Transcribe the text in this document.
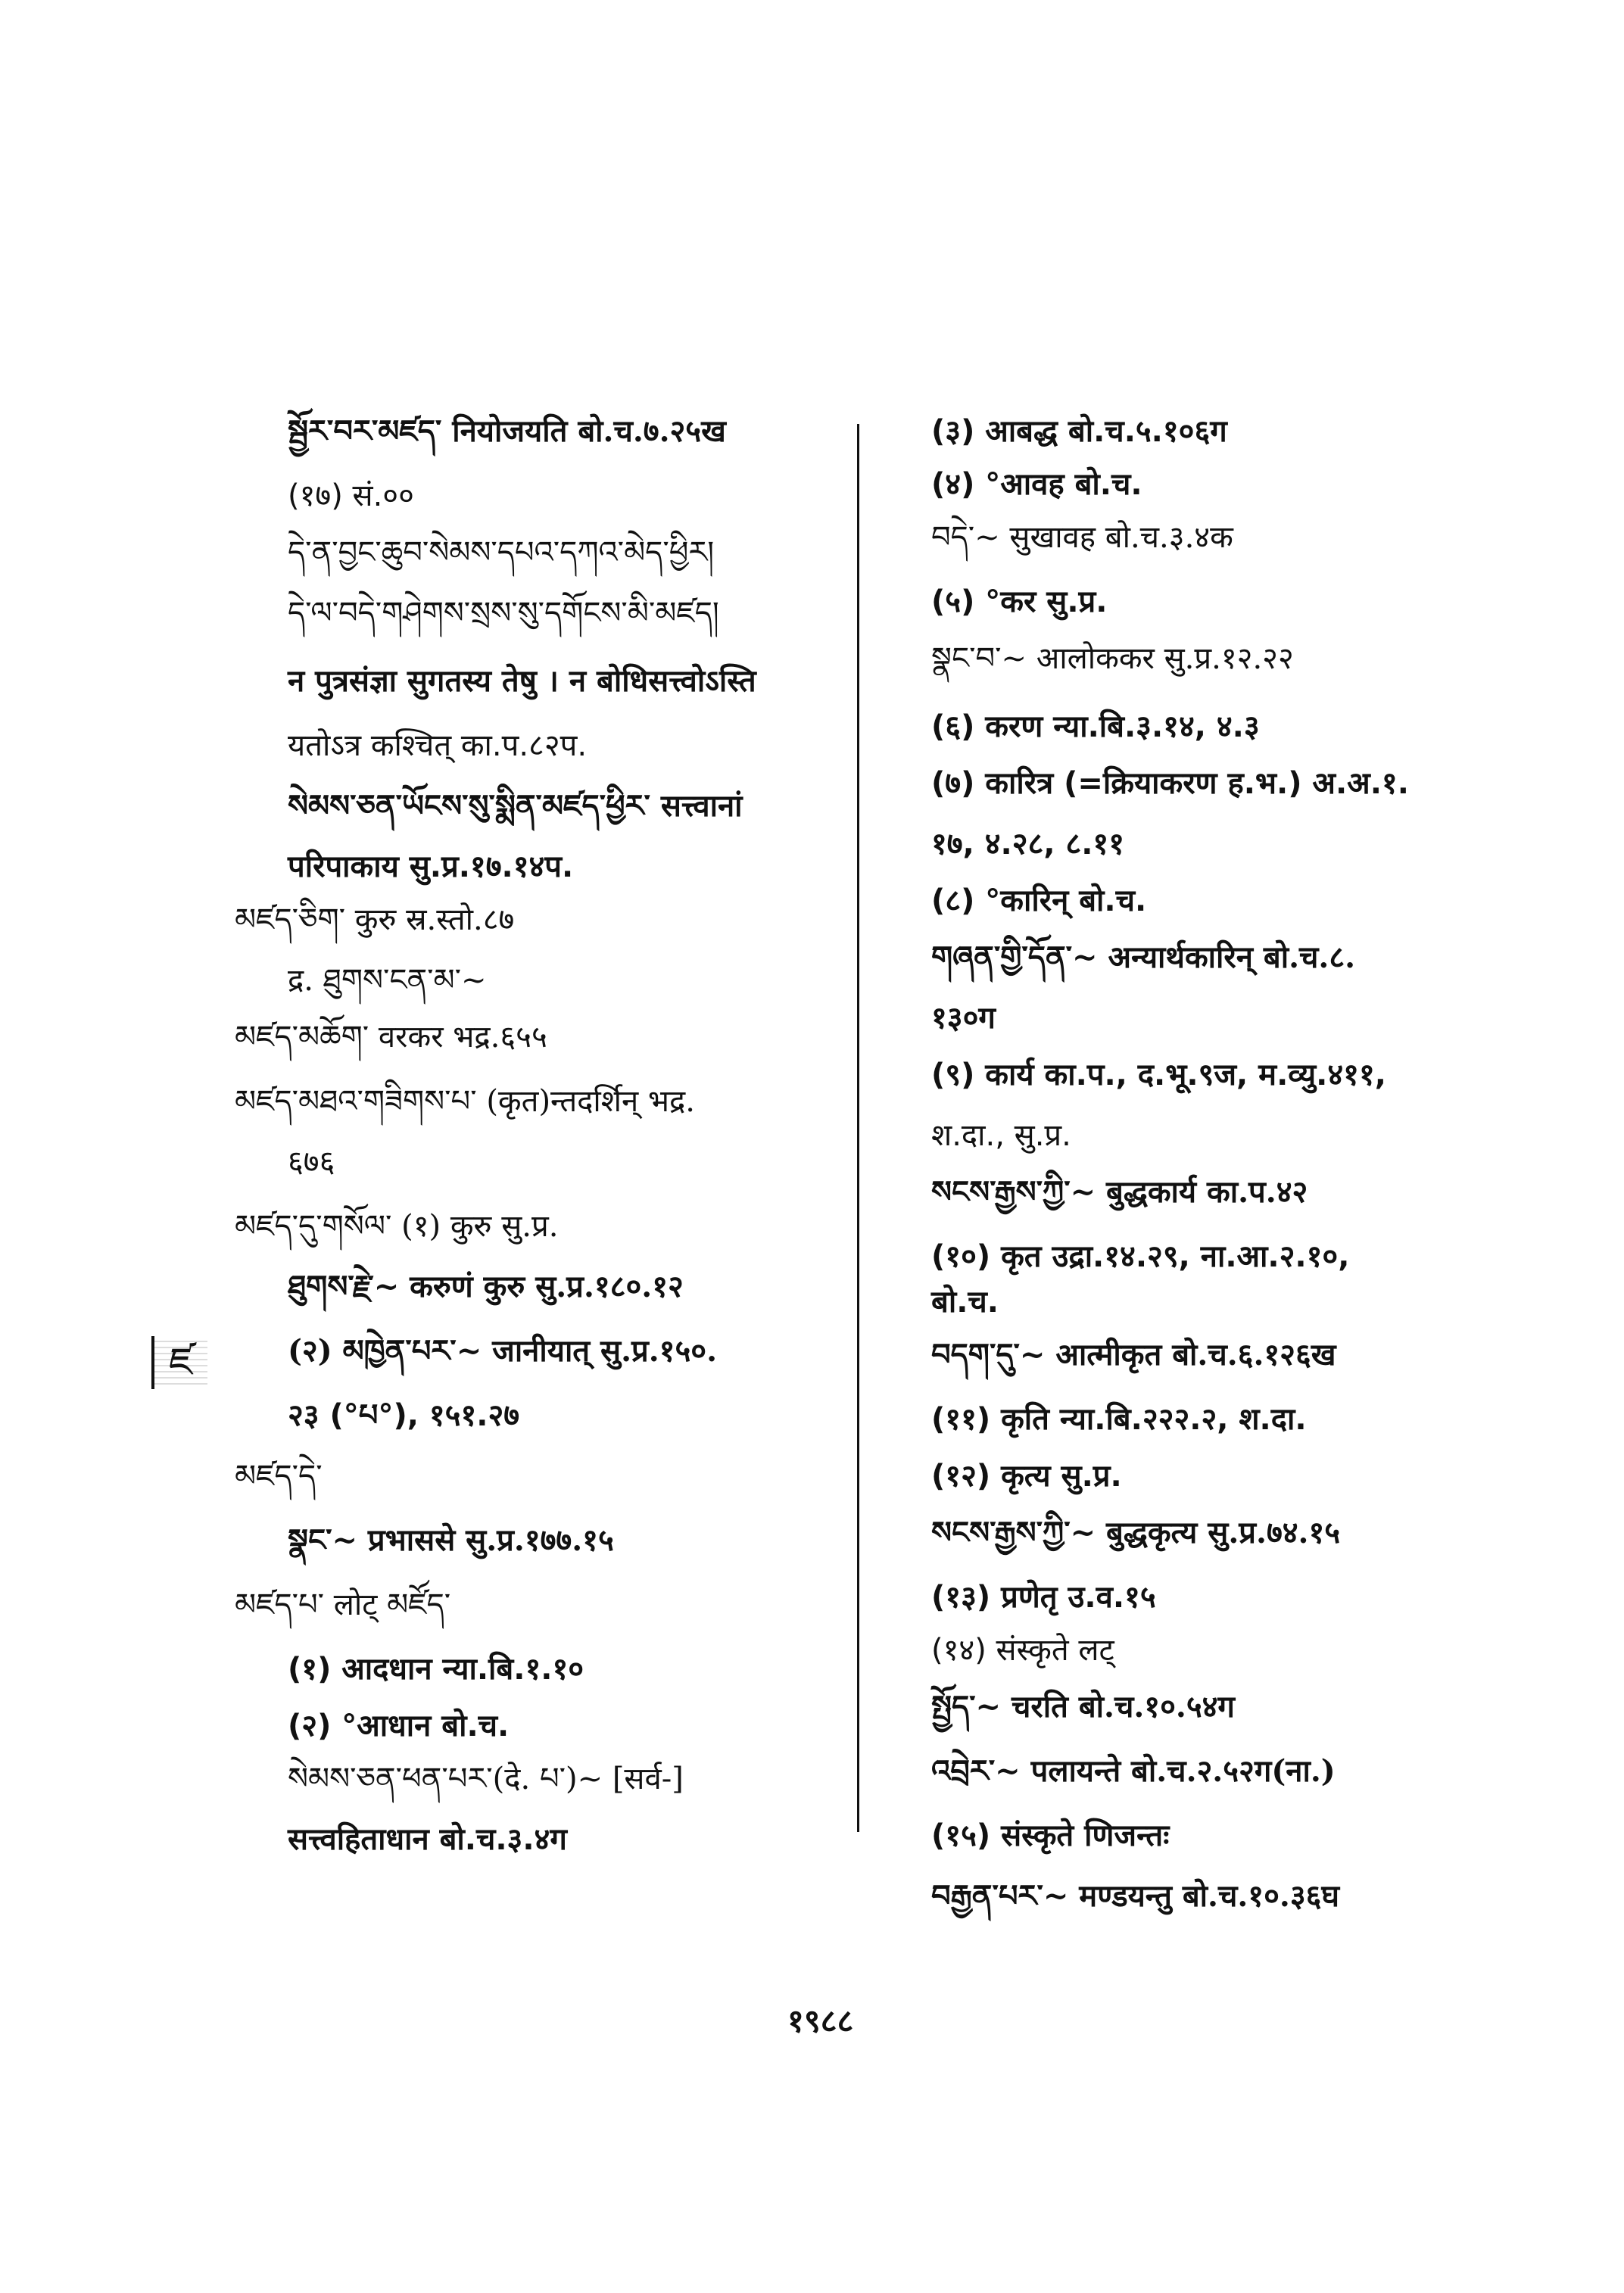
སྦྱོར་བར་མཛད་ नियोजयति बो.च.७.२५ख
(१७) सं.००
དེ་ན་བྱང་ཆུབ་སེམས་དཔའ་དཀའ་མེད་ཕྱིར།
དེ་ལ་བདེ་གཤེགས་སྲས་སུ་དགོངས་མི་མཛད།
न पुत्रसंज्ञा सुगतस्य तेषु । न बोधिसत्त्वोऽस्ति
यतोऽत्र कश्चित् का.प.८२प.
སེམས་ཅན་ཡོངས་སུ་སྨིན་མཛད་ཕྱིར་ सत्त्वानां
परिपाकाय सु.प्र.१७.१४प.
མཛད་ཅིག་ कुरु स्र.स्तो.८७
द्र. ཐུགས་ངན་མ་~
མཛད་མཆོག་ वरकर भद्र.६५५
མཛད་མཐའ་གཟིགས་པ་ (कृत)न्तदर्शिन् भद्र.
६७६
མཛད་དུ་གསོལ་ (१) कुरु सु.प्र.
ཐུགས་རྗེ་~ करुणं कुरु सु.प्र.१८०.१२
(२) མཁྱེན་པར་~ जानीयात् सु.प्र.१५०.
२३ (°པ°), १५१.२७
མཛད་དེ་
སྣང་~ प्रभाससे सु.प्र.१७७.१५
མཛད་པ་ लोट् མཛོད་
(१) आदधान न्या.बि.१.१०
(२) °आधान बो.च.
སེམས་ཅན་ཕན་པར་(दे. པ་)~ [सर्व-]
सत्त्वहिताधान बो.च.३.४ग
ཛ
(३) आबद्ध बो.च.५.१०६ग
(४) °आवह बो.च.
བདེ་~ सुखावह बो.च.३.४क
(५) °कर सु.प्र.
སྣང་བ་~ आलोककर सु.प्र.१२.२२
(६) करण न्या.बि.३.१४, ४.३
(७) कारित्र (=क्रियाकरण ह.भ.) अ.अ.१.
१७, ४.२८, ८.११
(८) °कारिन् बो.च.
གཞན་གྱི་དོན་~ अन्यार्थकारिन् बो.च.८.
१३०ग
(९) कार्य का.प., द.भू.९ज, म.व्यु.४११,
श.दा., सु.प्र.
སངས་རྒྱས་ཀྱི་~ बुद्धकार्य का.प.४२
(१०) कृत उद्रा.१४.२९, ना.आ.२.१०,
बो.च.
བདག་དུ་~ आत्मीकृत बो.च.६.१२६ख
(११) कृति न्या.बि.२२२.२, श.दा.
(१२) कृत्य सु.प्र.
སངས་རྒྱས་ཀྱི་~ बुद्धकृत्य सु.प्र.७४.१५
(१३) प्रणेतृ उ.व.१५
(१४) संस्कृते लट्
སྤྱོད་~ चरति बो.च.१०.५४ग
འབྲེར་~ पलायन्ते बो.च.२.५२ग(ना.)
(१५) संस्कृते णिजन्तः
བརྒྱན་པར་~ मण्डयन्तु बो.च.१०.३६घ
१९८८
